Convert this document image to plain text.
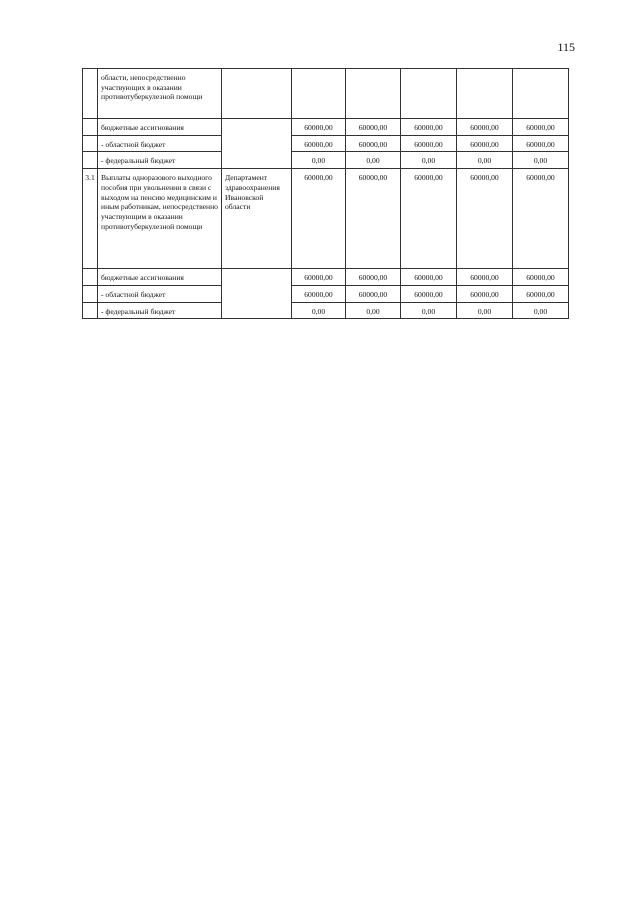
115
	области, непосредственно участвующих в оказании противотуберкулезной помощи						
	бюджетные ассигнования		60000,00	60000,00	60000,00	60000,00	60000,00
	- областной бюджет		60000,00	60000,00	60000,00	60000,00	60000,00
	- федеральный бюджет		0,00	0,00	0,00	0,00	0,00
3.1	Выплаты одноразового выходного пособия при увольнении в связи с выходом на пенсию медицинским и иным работникам, непосредственно участвующим в оказании противотуберкулезной помощи	Департамент здравоохранения Ивановской области	60000,00	60000,00	60000,00	60000,00	60000,00
	бюджетные ассигнования		60000,00	60000,00	60000,00	60000,00	60000,00
	- областной бюджет		60000,00	60000,00	60000,00	60000,00	60000,00
	- федеральный бюджет		0,00	0,00	0,00	0,00	0,00
